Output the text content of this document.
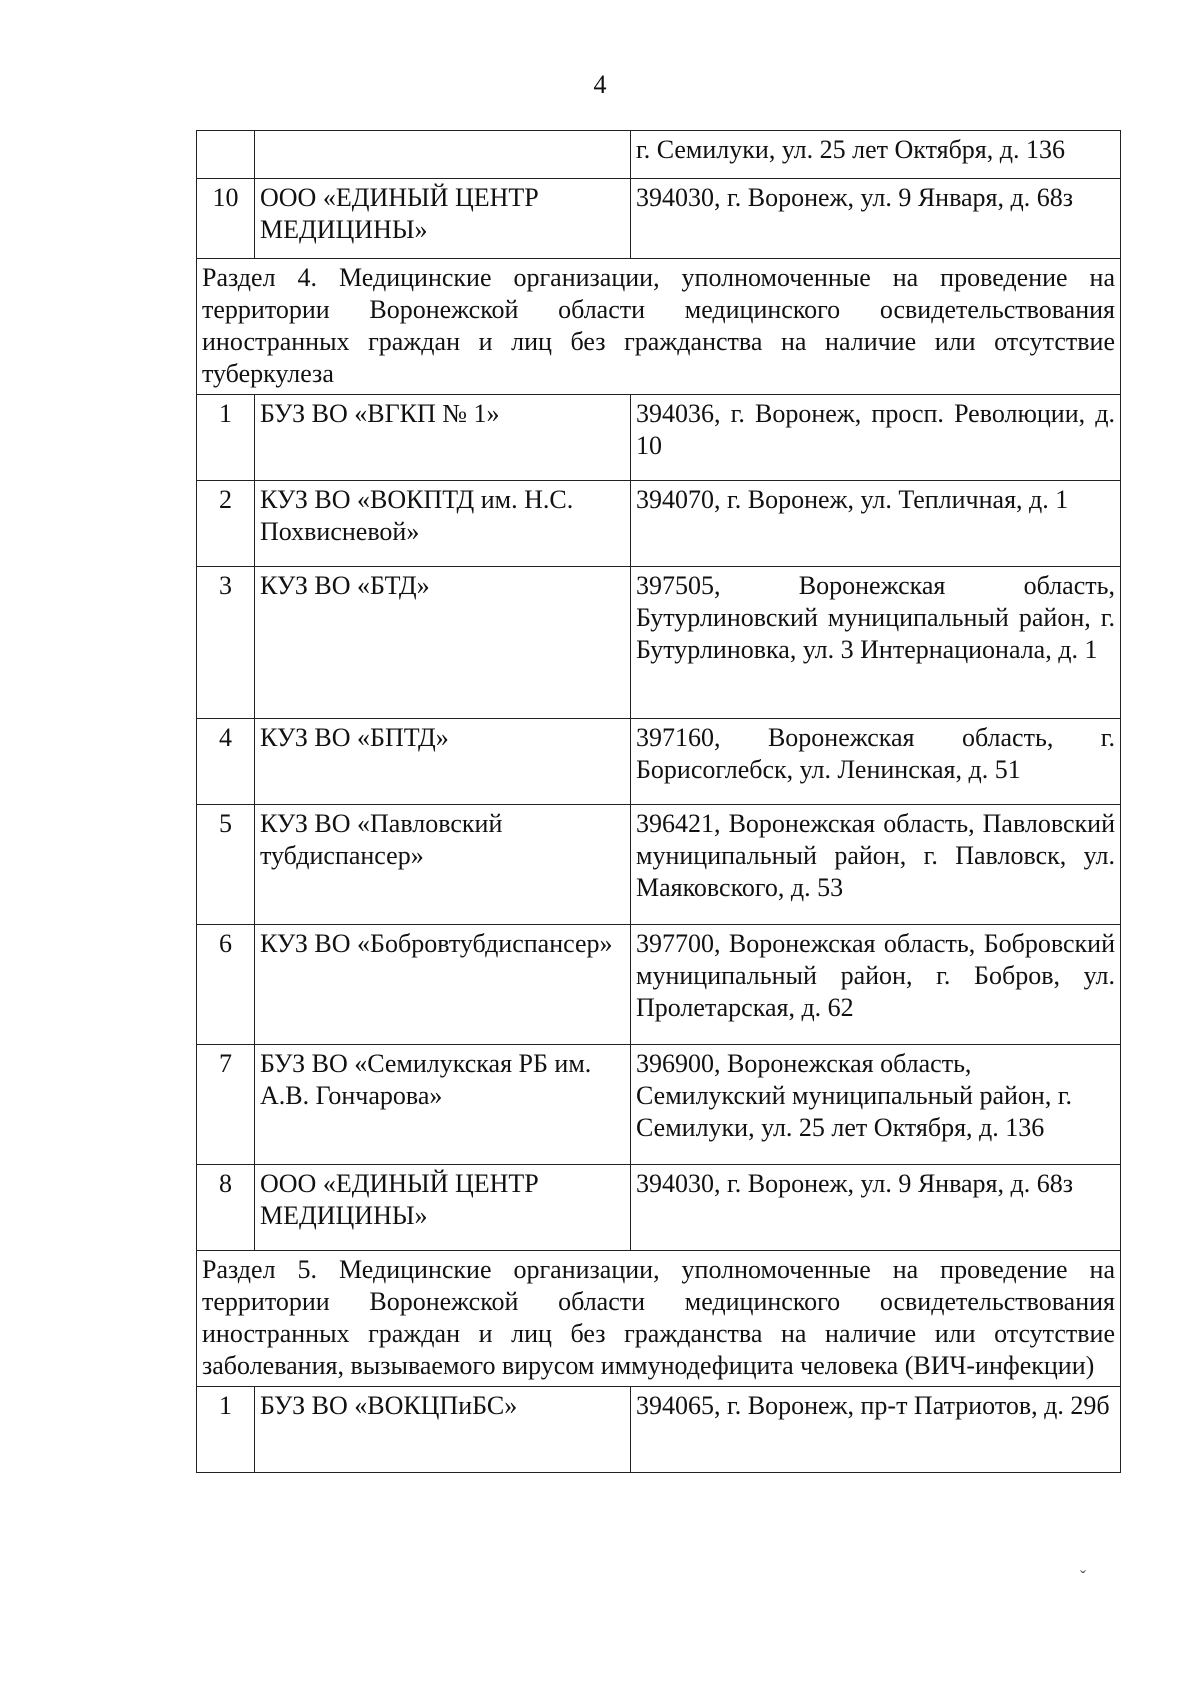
4
		г. Семилуки, ул. 25 лет Октября, д. 136
10	ООО «ЕДИНЫЙ ЦЕНТР МЕДИЦИНЫ»	394030, г. Воронеж, ул. 9 Января, д. 68з
Раздел 4. Медицинские организации, уполномоченные на проведение на территории Воронежской области медицинского освидетельствования иностранных граждан и лиц без гражданства на наличие или отсутствие туберкулеза		
1	БУЗ ВО «ВГКП № 1»	394036, г. Воронеж, просп. Революции, д. 10
2	КУЗ ВО «ВОКПТД им. Н.С. Похвисневой»	394070, г. Воронеж, ул. Тепличная, д. 1
3	КУЗ ВО «БТД»	397505, Воронежская область, Бутурлиновский муниципальный район, г. Бутурлиновка, ул. 3 Интернационала, д. 1
4	КУЗ ВО «БПТД»	397160, Воронежская область, г. Борисоглебск, ул. Ленинская, д. 51
5	КУЗ ВО «Павловский тубдиспансер»	396421, Воронежская область, Павловский муниципальный район, г. Павловск, ул. Маяковского, д. 53
6	КУЗ ВО «Бобровтубдиспансер»	397700, Воронежская область, Бобровский муниципальный район, г. Бобров, ул. Пролетарская, д. 62
7	БУЗ ВО «Семилукская РБ им. А.В. Гончарова»	396900, Воронежская область, Семилукский муниципальный район, г. Семилуки, ул. 25 лет Октября, д. 136
8	ООО «ЕДИНЫЙ ЦЕНТР МЕДИЦИНЫ»	394030, г. Воронеж, ул. 9 Января, д. 68з
Раздел 5. Медицинские организации, уполномоченные на проведение на территории Воронежской области медицинского освидетельствования иностранных граждан и лиц без гражданства на наличие или отсутствие заболевания, вызываемого вирусом иммунодефицита человека (ВИЧ-инфекции)		
1	БУЗ ВО «ВОКЦПиБС»	394065, г. Воронеж, пр-т Патриотов, д. 29б
ˇ
